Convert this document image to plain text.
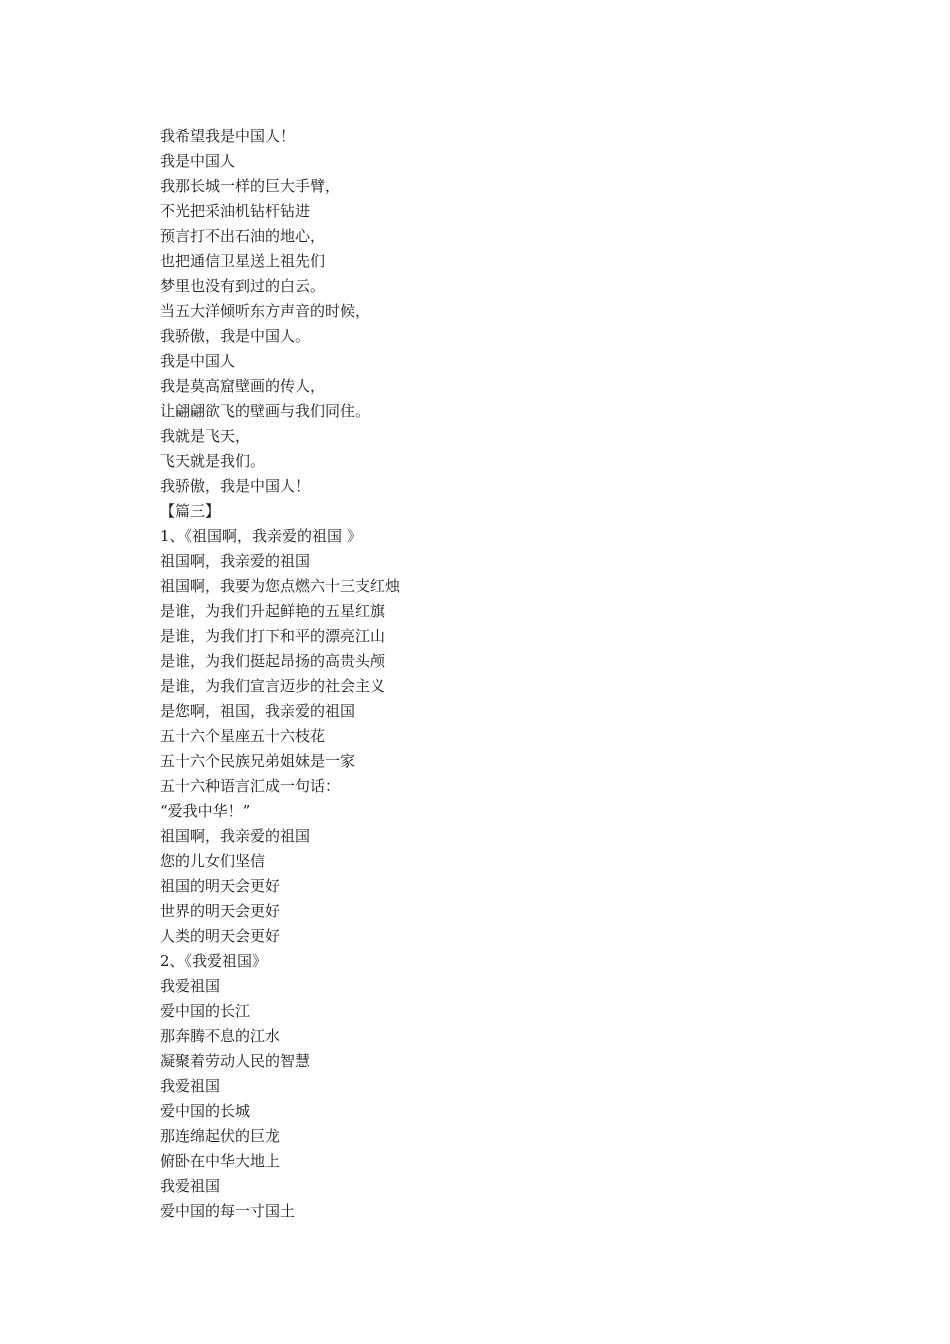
我希望我是中国人！
我是中国人
我那长城一样的巨大手臂，
不光把采油机钻杆钻进
预言打不出石油的地心，
也把通信卫星送上祖先们
梦里也没有到过的白云。
当五大洋倾听东方声音的时候，
我骄傲，我是中国人。
我是中国人
我是莫高窟壁画的传人，
让翩翩欲飞的壁画与我们同住。
我就是飞天，
飞天就是我们。
我骄傲，我是中国人！
【篇三】
1、《祖国啊，我亲爱的祖国 》
祖国啊，我亲爱的祖国
祖国啊，我要为您点燃六十三支红烛
是谁，为我们升起鲜艳的五星红旗
是谁，为我们打下和平的漂亮江山
是谁，为我们挺起昂扬的高贵头颅
是谁，为我们宣言迈步的社会主义
是您啊，祖国，我亲爱的祖国
五十六个星座五十六枝花
五十六个民族兄弟姐妹是一家
五十六种语言汇成一句话：
“爱我中华！”
祖国啊，我亲爱的祖国
您的儿女们坚信
祖国的明天会更好
世界的明天会更好
人类的明天会更好
2、《我爱祖国》
我爱祖国
爱中国的长江
那奔腾不息的江水
凝聚着劳动人民的智慧
我爱祖国
爱中国的长城
那连绵起伏的巨龙
俯卧在中华大地上
我爱祖国
爱中国的每一寸国土
